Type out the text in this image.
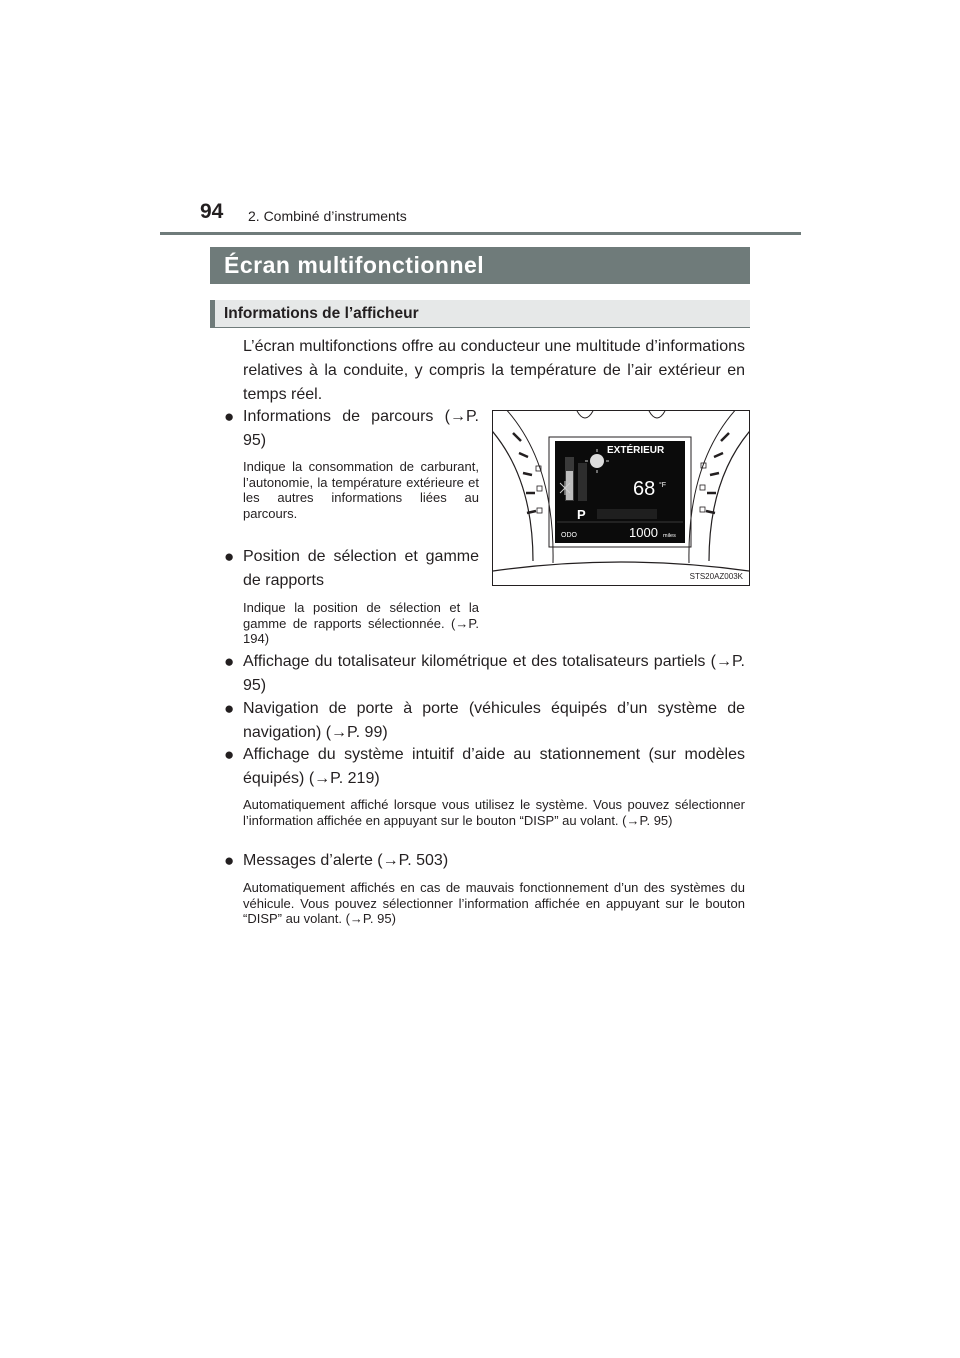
94 2. Combiné d’instruments
Écran multifonctionnel
Informations de l’afficheur
L’écran multifonctions offre au conducteur une multitude d’informations relatives à la conduite, y compris la température de l’air extérieur en temps réel.
● Informations de parcours (→P. 95)
Indique la consommation de carburant, l’autonomie, la température extérieure et les autres informations liées au parcours.
● Position de sélection et gamme de rapports
Indique la position de sélection et la gamme de rapports sélectionnée. (→P. 194)
● Affichage du totalisateur kilométrique et des totalisateurs partiels (→P. 95)
● Navigation de porte à porte (véhicules équipés d’un système de navigation) (→P. 99)
● Affichage du système intuitif d’aide au stationnement (sur modèles équipés) (→P. 219)
Automatiquement affiché lorsque vous utilisez le système. Vous pouvez sélectionner l’information affichée en appuyant sur le bouton “DISP” au volant. (→P. 95)
● Messages d’alerte (→P. 503)
Automatiquement affichés en cas de mauvais fonctionnement d’un des systèmes du véhicule. Vous pouvez sélectionner l’information affichée en appuyant sur le bouton “DISP” au volant. (→P. 95)
EXTÉRIEUR
68 °F
P
ODO	1000 miles
STS20AZ003K
